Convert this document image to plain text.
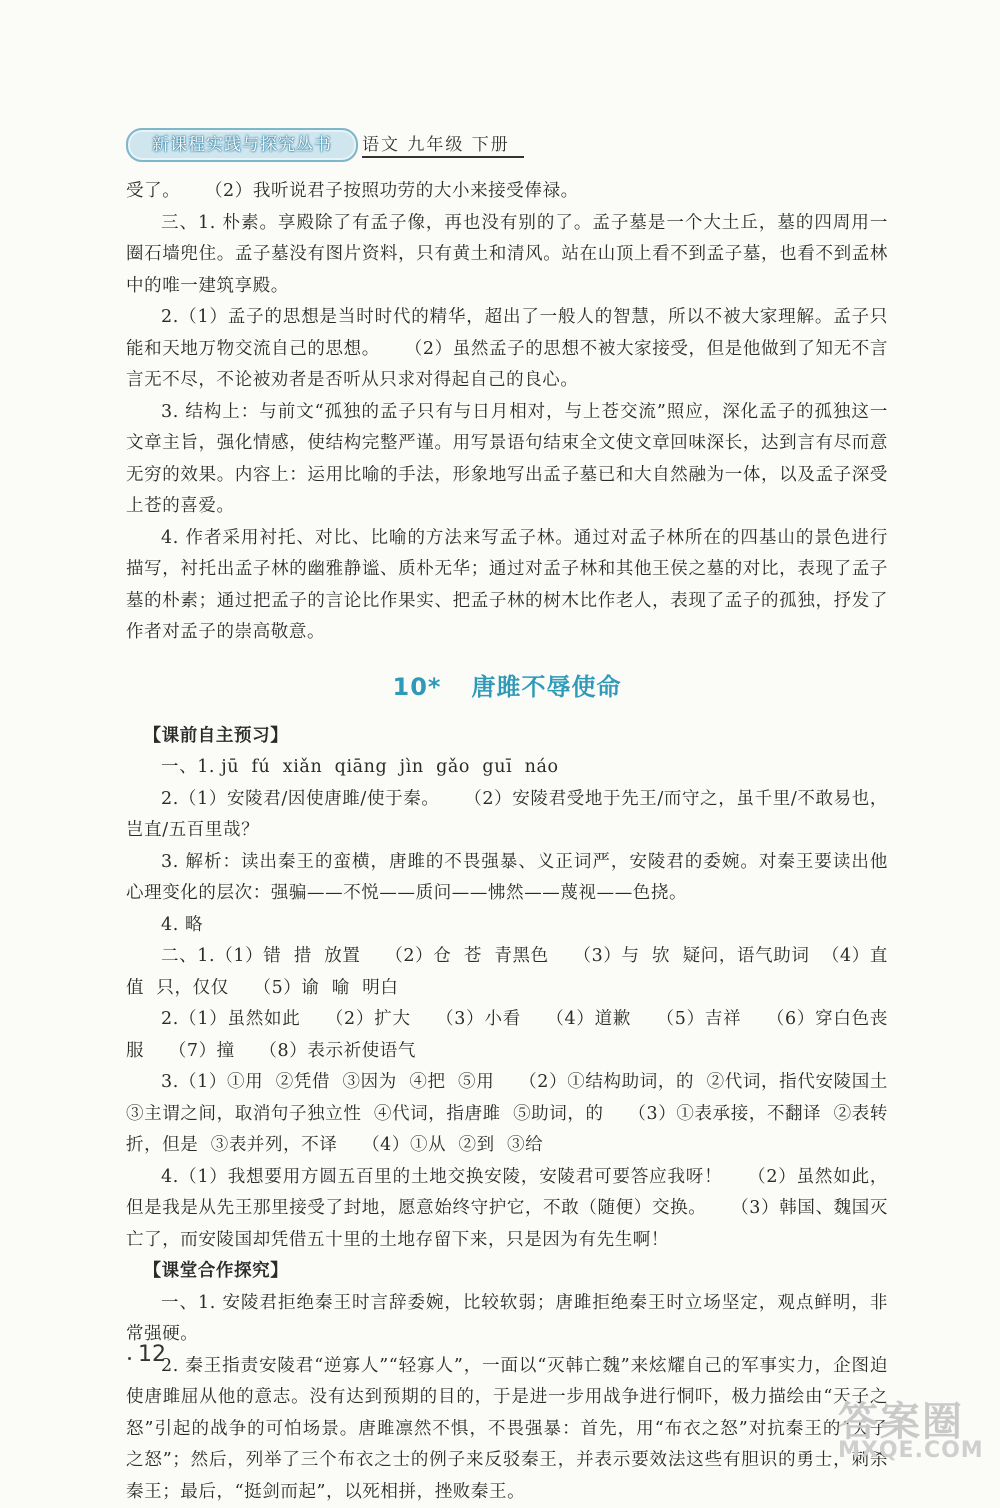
新课程实践与探究丛书	语文 九年级 下册

受了。    （2）我听说君子按照功劳的大小来接受俸禄。

三、1. 朴素。享殿除了有孟子像，再也没有别的了。孟子墓是一个大土丘，墓的四周用一圈石墙兜住。孟子墓没有图片资料，只有黄土和清风。站在山顶上看不到孟子墓，也看不到孟林中的唯一建筑享殿。

2.（1）孟子的思想是当时时代的精华，超出了一般人的智慧，所以不被大家理解。孟子只能和天地万物交流自己的思想。    （2）虽然孟子的思想不被大家接受，但是他做到了知无不言言无不尽，不论被劝者是否听从只求对得起自己的良心。

3. 结构上：与前文“孤独的孟子只有与日月相对，与上苍交流”照应，深化孟子的孤独这一文章主旨，强化情感，使结构完整严谨。用写景语句结束全文使文章回味深长，达到言有尽而意无穷的效果。内容上：运用比喻的手法，形象地写出孟子墓已和大自然融为一体，以及孟子深受上苍的喜爱。

4. 作者采用衬托、对比、比喻的方法来写孟子林。通过对孟子林所在的四基山的景色进行描写，衬托出孟子林的幽雅静谧、质朴无华；通过对孟子林和其他王侯之墓的对比，表现了孟子墓的朴素；通过把孟子的言论比作果实、把孟子林的树木比作老人，表现了孟子的孤独，抒发了作者对孟子的崇高敬意。

10* 唐雎不辱使命

【课前自主预习】

一、1. jū  fú  xiǎn  qiāng  jìn  gǎo  guī  náo

2.（1）安陵君/因使唐雎/使于秦。    （2）安陵君受地于先王/而守之，虽千里/不敢易也，岂直/五百里哉？

3. 解析：读出秦王的蛮横，唐雎的不畏强暴、义正词严，安陵君的委婉。对秦王要读出他心理变化的层次：强骗——不悦——质问——怫然——蔑视——色挠。

4. 略

二、1.（1）错  措  放置    （2）仓  苍  青黑色    （3）与  欤  疑问，语气助词  （4）直  值  只，仅仅    （5）谕  喻  明白

2.（1）虽然如此    （2）扩大    （3）小看    （4）道歉    （5）吉祥    （6）穿白色丧服    （7）撞    （8）表示祈使语气

3.（1）①用  ②凭借  ③因为  ④把  ⑤用    （2）①结构助词，的  ②代词，指代安陵国土  ③主谓之间，取消句子独立性  ④代词，指唐雎  ⑤助词，的    （3）①表承接，不翻译  ②表转折，但是  ③表并列，不译    （4）①从  ②到  ③给

4.（1）我想要用方圆五百里的土地交换安陵，安陵君可要答应我呀！    （2）虽然如此，但是我是从先王那里接受了封地，愿意始终守护它，不敢（随便）交换。    （3）韩国、魏国灭亡了，而安陵国却凭借五十里的土地存留下来，只是因为有先生啊！

【课堂合作探究】

一、1. 安陵君拒绝秦王时言辞委婉，比较软弱；唐雎拒绝秦王时立场坚定，观点鲜明，非常强硬。

2. 秦王指责安陵君“逆寡人”“轻寡人”，一面以“灭韩亡魏”来炫耀自己的军事实力，企图迫使唐雎屈从他的意志。没有达到预期的目的，于是进一步用战争进行恫吓，极力描绘由“天子之怒”引起的战争的可怕场景。唐雎凛然不惧，不畏强暴：首先，用“布衣之怒”对抗秦王的“天子之怒”；然后，列举了三个布衣之士的例子来反驳秦王，并表示要效法这些有胆识的勇士，刺杀秦王；最后，“挺剑而起”，以死相拼，挫败秦王。

12
答案圈
MXQE.COM
